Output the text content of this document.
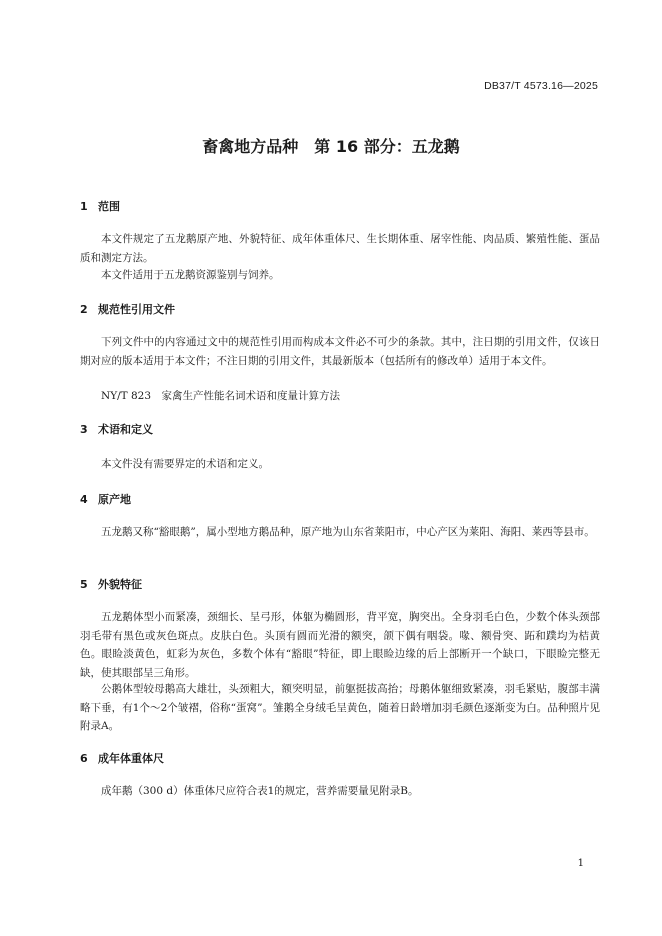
DB37/T 4573.16—2025
畜禽地方品种　第 16 部分：五龙鹅
1 范围

本文件规定了五龙鹅原产地、外貌特征、成年体重体尺、生长期体重、屠宰性能、肉品质、繁殖性能、蛋品质和测定方法。

本文件适用于五龙鹅资源鉴别与饲养。

2 规范性引用文件

下列文件中的内容通过文中的规范性引用而构成本文件必不可少的条款。其中，注日期的引用文件，仅该日期对应的版本适用于本文件；不注日期的引用文件，其最新版本（包括所有的修改单）适用于本文件。

NY/T 823　家禽生产性能名词术语和度量计算方法

3 术语和定义

本文件没有需要界定的术语和定义。

4 原产地

五龙鹅又称“豁眼鹅”，属小型地方鹅品种，原产地为山东省莱阳市，中心产区为莱阳、海阳、莱西等县市。

5 外貌特征

五龙鹅体型小而紧凑，颈细长、呈弓形，体躯为椭圆形，背平宽，胸突出。全身羽毛白色，少数个体头颈部羽毛带有黑色或灰色斑点。皮肤白色。头顶有圆而光滑的额突，颌下偶有咽袋。喙、额骨突、跖和蹼均为桔黄色。眼睑淡黄色，虹彩为灰色，多数个体有“豁眼”特征，即上眼睑边缘的后上部断开一个缺口，下眼睑完整无缺，使其眼部呈三角形。

公鹅体型较母鹅高大雄壮，头颈粗大，额突明显，前躯挺拔高抬；母鹅体躯细致紧凑，羽毛紧贴，腹部丰满略下垂，有1个～2个皱褶，俗称“蛋窝”。雏鹅全身绒毛呈黄色，随着日龄增加羽毛颜色逐渐变为白。品种照片见附录A。

6 成年体重体尺

成年鹅（300 d）体重体尺应符合表1的规定，营养需要量见附录B。

1
